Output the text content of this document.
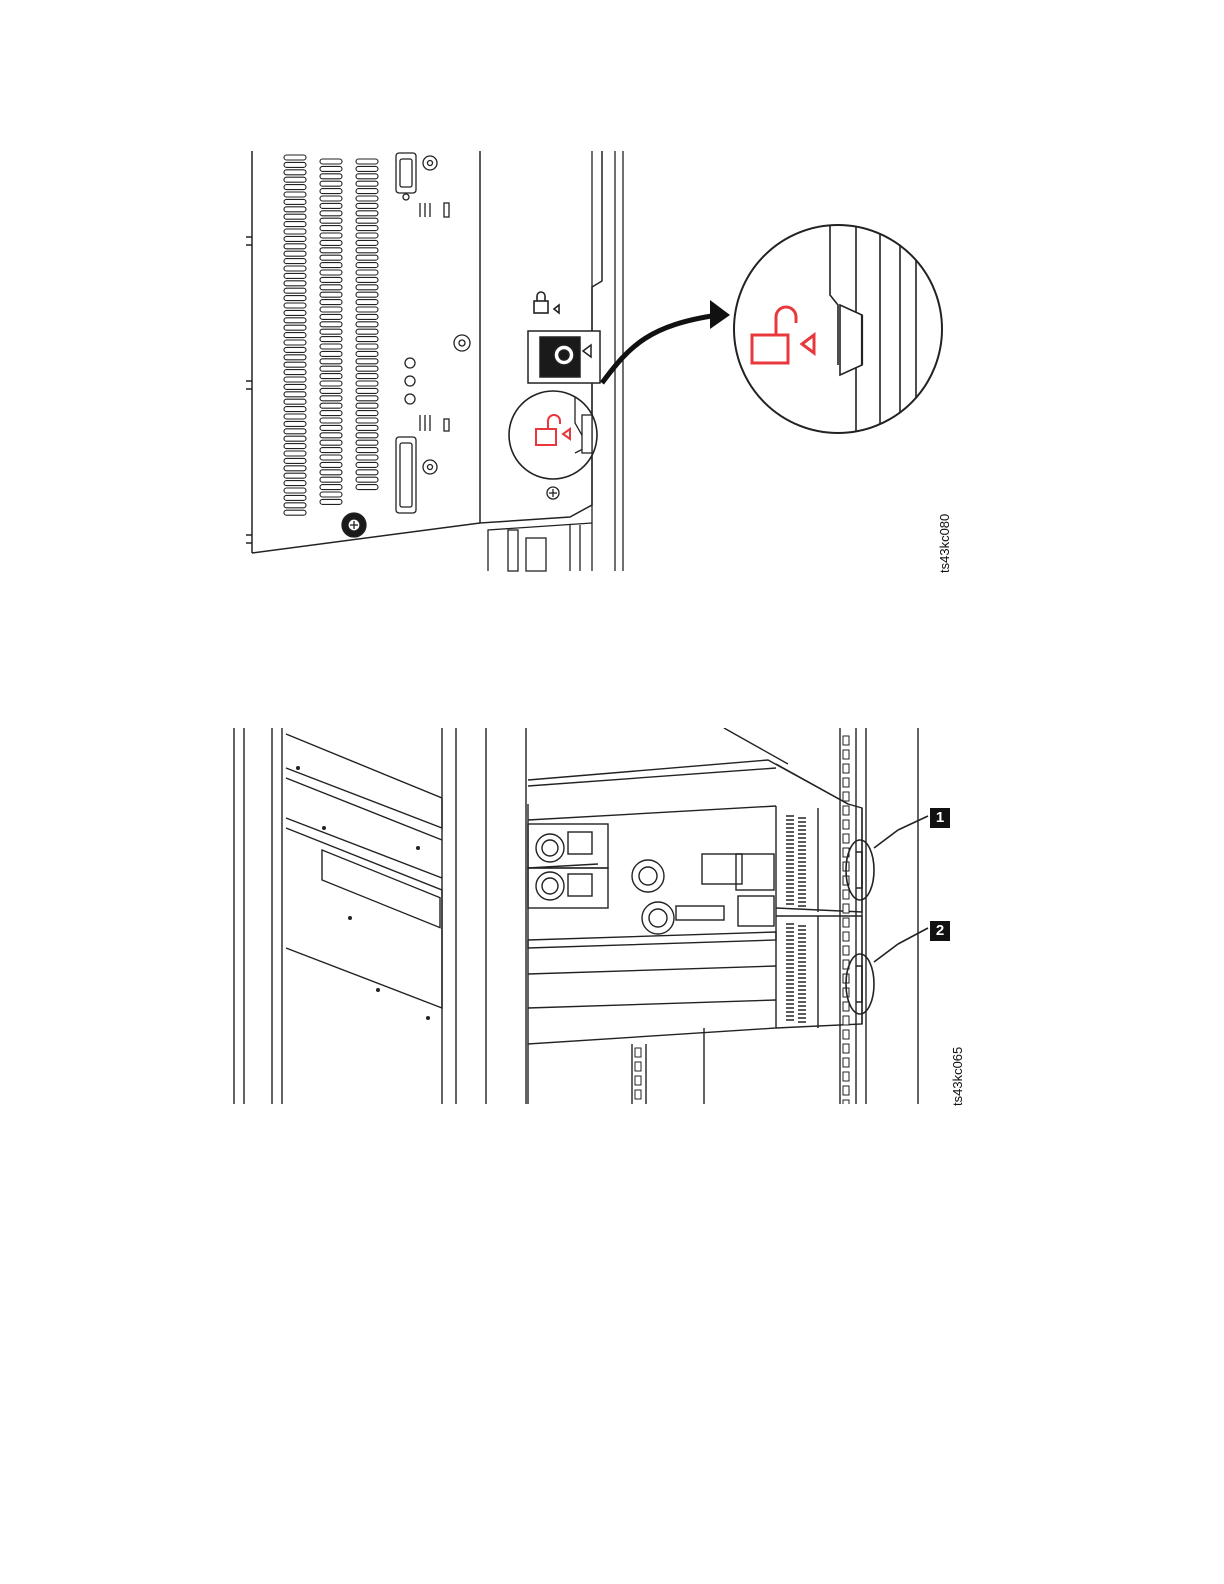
ts43kc080
1
2
ts43kc065
